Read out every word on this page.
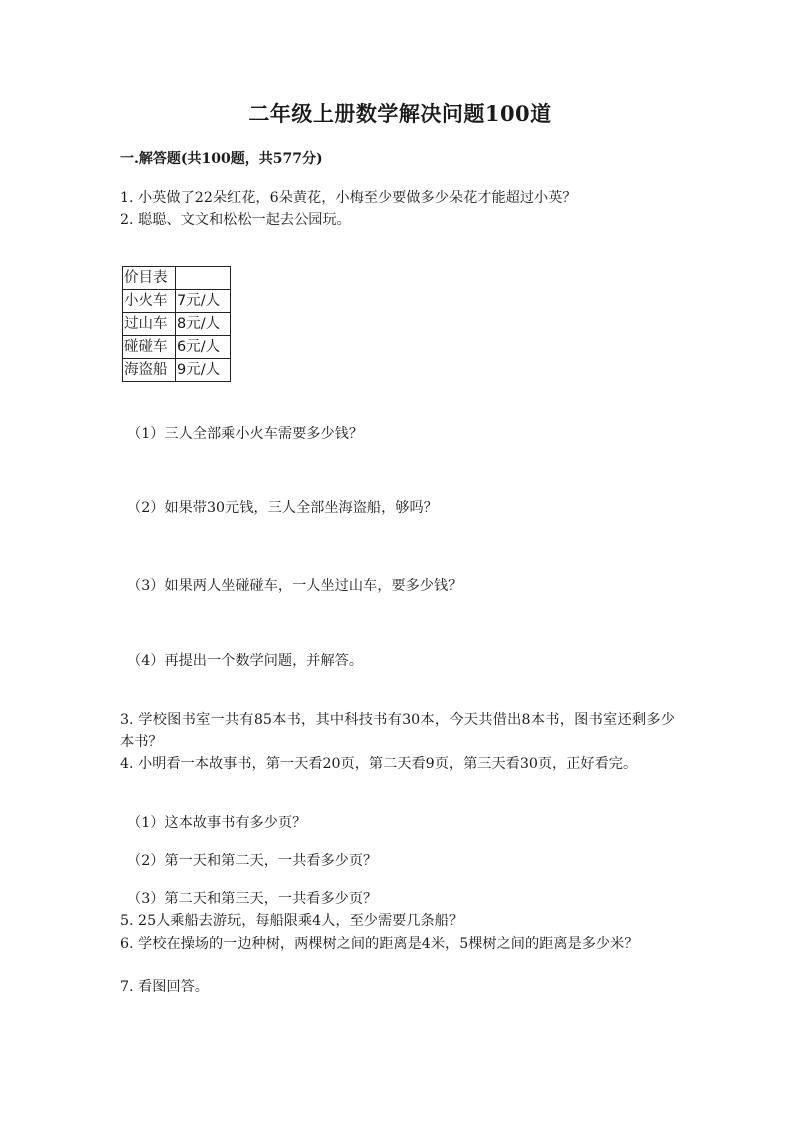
二年级上册数学解决问题100道
一.解答题(共100题，共577分)
1. 小英做了22朵红花，6朵黄花，小梅至少要做多少朵花才能超过小英？
2. 聪聪、文文和松松一起去公园玩。
价目表	
小火车	7元/人
过山车	8元/人
碰碰车	6元/人
海盗船	9元/人
（1）三人全部乘小火车需要多少钱？
（2）如果带30元钱，三人全部坐海盗船，够吗？
（3）如果两人坐碰碰车，一人坐过山车，要多少钱？
（4）再提出一个数学问题，并解答。
3. 学校图书室一共有85本书，其中科技书有30本，今天共借出8本书，图书室还剩多少本书？
4. 小明看一本故事书，第一天看20页，第二天看9页，第三天看30页，正好看完。
（1）这本故事书有多少页？
（2）第一天和第二天，一共看多少页？
（3）第二天和第三天，一共看多少页？
5. 25人乘船去游玩，每船限乘4人，至少需要几条船？
6. 学校在操场的一边种树，两棵树之间的距离是4米，5棵树之间的距离是多少米？
7. 看图回答。
